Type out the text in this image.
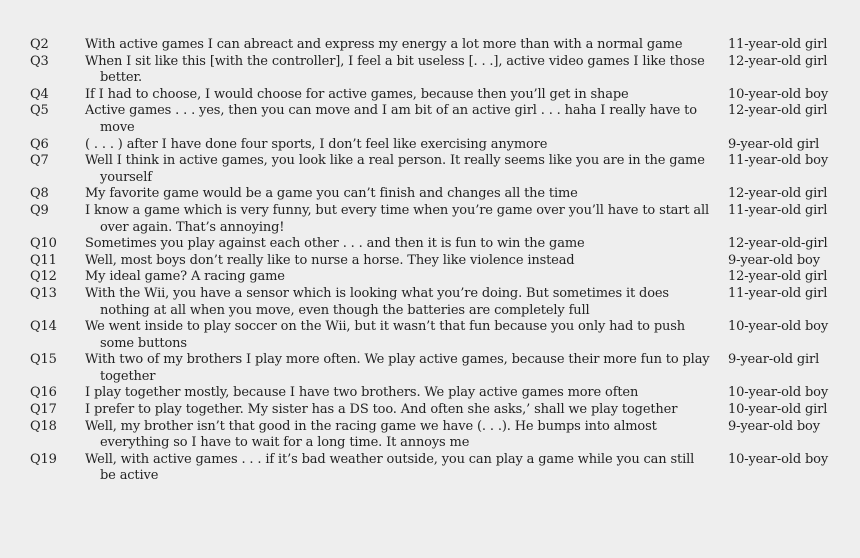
Q2	With active games I can abreact and express my energy a lot more than with a normal game	11-year-old girl
Q3	When I sit like this [with the controller], I feel a bit useless [. . .], active video games I like those better.	12-year-old girl
Q4	If I had to choose, I would choose for active games, because then you’ll get in shape	10-year-old boy
Q5	Active games . . . yes, then you can move and I am bit of an active girl . . . haha I really have to move	12-year-old girl
Q6	( . . . ) after I have done four sports, I don’t feel like exercising anymore	9-year-old girl
Q7	Well I think in active games, you look like a real person. It really seems like you are in the game yourself	11-year-old boy
Q8	My favorite game would be a game you can’t finish and changes all the time	12-year-old girl
Q9	I know a game which is very funny, but every time when you’re game over you’ll have to start all over again. That’s annoying!	11-year-old girl
Q10	Sometimes you play against each other . . . and then it is fun to win the game	12-year-old-girl
Q11	Well, most boys don’t really like to nurse a horse. They like violence instead	9-year-old boy
Q12	My ideal game? A racing game	12-year-old girl
Q13	With the Wii, you have a sensor which is looking what you’re doing. But sometimes it does nothing at all when you move, even though the batteries are completely full	11-year-old girl
Q14	We went inside to play soccer on the Wii, but it wasn’t that fun because you only had to push some buttons	10-year-old boy
Q15	With two of my brothers I play more often. We play active games, because their more fun to play together	9-year-old girl
Q16	I play together mostly, because I have two brothers. We play active games more often	10-year-old boy
Q17	I prefer to play together. My sister has a DS too. And often she asks,’ shall we play together	10-year-old girl
Q18	Well, my brother isn’t that good in the racing game we have (. . .). He bumps into almost everything so I have to wait for a long time. It annoys me	9-year-old boy
Q19	Well, with active games . . . if it’s bad weather outside, you can play a game while you can still be active	10-year-old boy
